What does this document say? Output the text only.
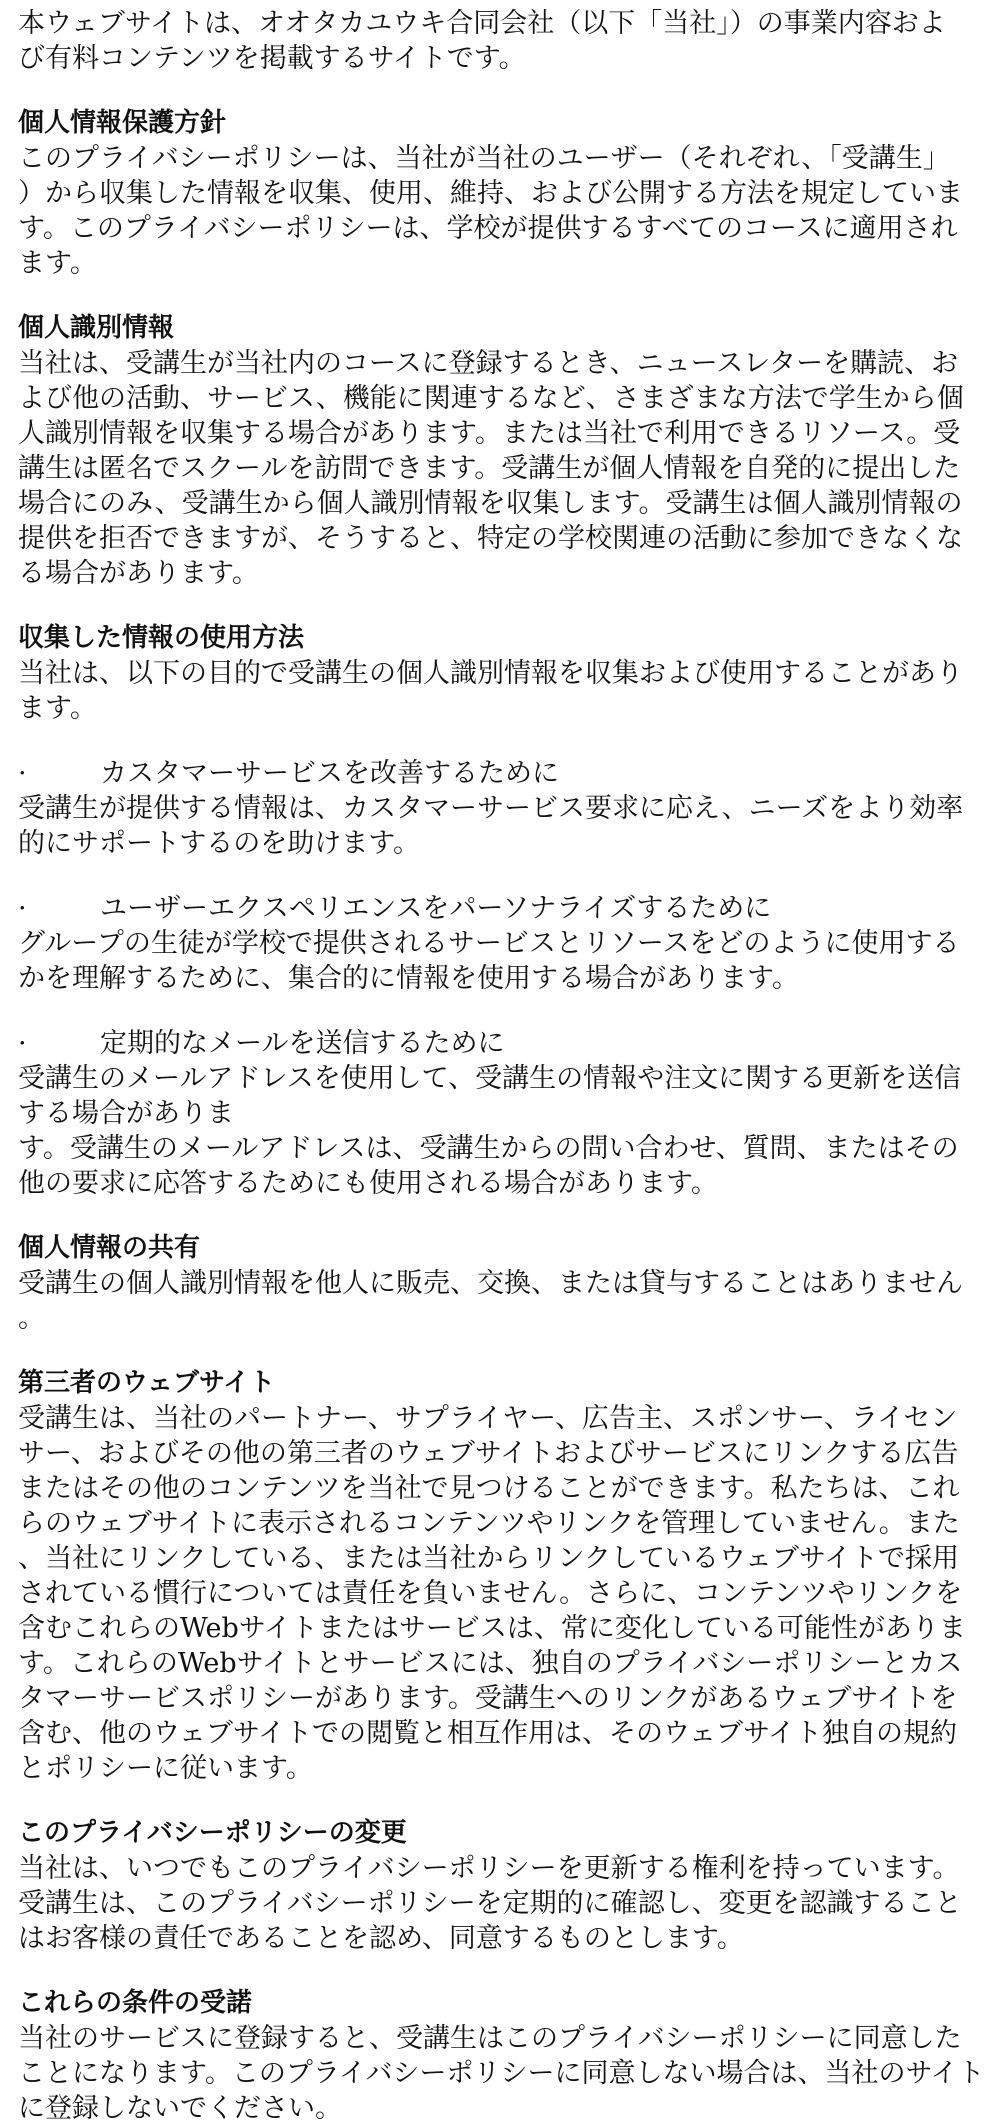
本ウェブサイトは、オオタカユウキ合同会社（以下「当社」）の事業内容およ
び有料コンテンツを掲載するサイトです。
個人情報保護方針
このプライバシーポリシーは、当社が当社のユーザー（それぞれ、「受講生」
）から収集した情報を収集、使用、維持、および公開する方法を規定していま
す。このプライバシーポリシーは、学校が提供するすべてのコースに適用され
ます。
個人識別情報
当社は、受講生が当社内のコースに登録するとき、ニュースレターを購読、お
よび他の活動、サービス、機能に関連するなど、さまざまな方法で学生から個
人識別情報を収集する場合があります。または当社で利用できるリソース。受
講生は匿名でスクールを訪問できます。受講生が個人情報を自発的に提出した
場合にのみ、受講生から個人識別情報を収集します。受講生は個人識別情報の
提供を拒否できますが、そうすると、特定の学校関連の活動に参加できなくな
る場合があります。
収集した情報の使用方法
当社は、以下の目的で受講生の個人識別情報を収集および使用することがあり
ます。
·	カスタマーサービスを改善するために
受講生が提供する情報は、カスタマーサービス要求に応え、ニーズをより効率
的にサポートするのを助けます。
·	ユーザーエクスペリエンスをパーソナライズするために
グループの生徒が学校で提供されるサービスとリソースをどのように使用する
かを理解するために、集合的に情報を使用する場合があります。
·	定期的なメールを送信するために
受講生のメールアドレスを使用して、受講生の情報や注文に関する更新を送信
する場合がありま
す。受講生のメールアドレスは、受講生からの問い合わせ、質問、またはその
他の要求に応答するためにも使用される場合があります。
個人情報の共有
受講生の個人識別情報を他人に販売、交換、または貸与することはありません
。
第三者のウェブサイト
受講生は、当社のパートナー、サプライヤー、広告主、スポンサー、ライセン
サー、およびその他の第三者のウェブサイトおよびサービスにリンクする広告
またはその他のコンテンツを当社で見つけることができます。私たちは、これ
らのウェブサイトに表示されるコンテンツやリンクを管理していません。また
、当社にリンクしている、または当社からリンクしているウェブサイトで採用
されている慣行については責任を負いません。さらに、コンテンツやリンクを
含むこれらのWebサイトまたはサービスは、常に変化している可能性がありま
す。これらのWebサイトとサービスには、独自のプライバシーポリシーとカス
タマーサービスポリシーがあります。受講生へのリンクがあるウェブサイトを
含む、他のウェブサイトでの閲覧と相互作用は、そのウェブサイト独自の規約
とポリシーに従います。
このプライバシーポリシーの変更
当社は、いつでもこのプライバシーポリシーを更新する権利を持っています。
受講生は、このプライバシーポリシーを定期的に確認し、変更を認識すること
はお客様の責任であることを認め、同意するものとします。
これらの条件の受諾
当社のサービスに登録すると、受講生はこのプライバシーポリシーに同意した
ことになります。このプライバシーポリシーに同意しない場合は、当社のサイト
に登録しないでください。
